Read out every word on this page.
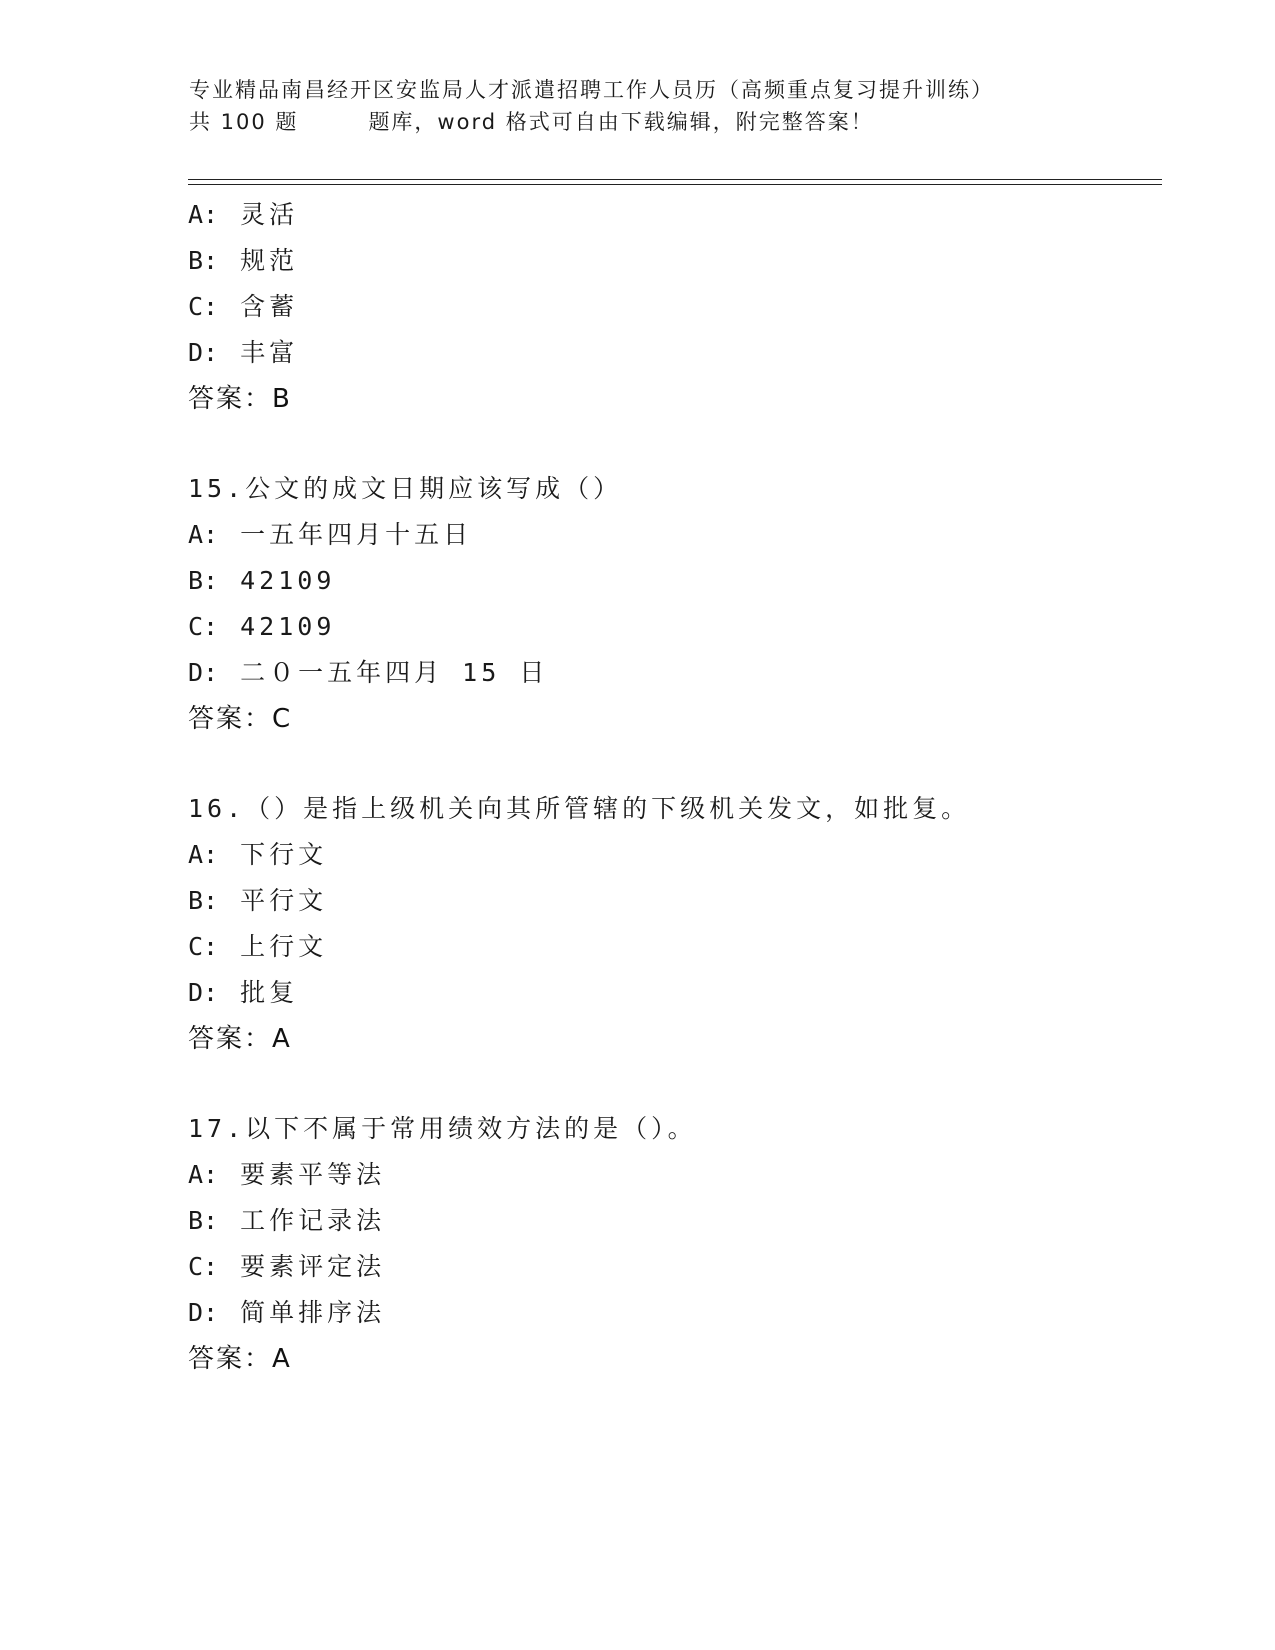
专业精品南昌经开区安监局人才派遣招聘工作人员历（高频重点复习提升训练）
共 100 题	题库，word 格式可自由下载编辑，附完整答案！
A: 灵活
B: 规范
C: 含蓄
D: 丰富
答案：B
15.公文的成文日期应该写成（）
A: 一五年四月十五日
B: 42109
C: 42109
D: 二０一五年四月 15 日
答案：C
16.（）是指上级机关向其所管辖的下级机关发文，如批复。
A: 下行文
B: 平行文
C: 上行文
D: 批复
答案：A
17.以下不属于常用绩效方法的是（）。
A: 要素平等法
B: 工作记录法
C: 要素评定法
D: 简单排序法
答案：A
